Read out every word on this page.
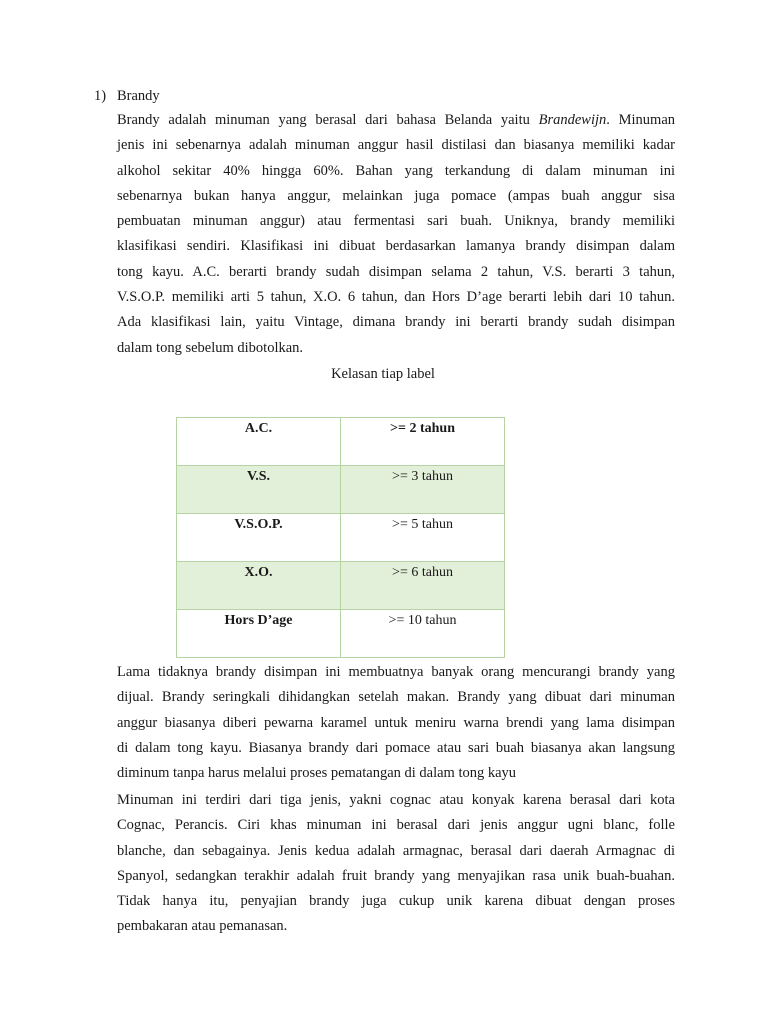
1) Brandy
Brandy adalah minuman yang berasal dari bahasa Belanda yaitu Brandewijn. Minuman
jenis ini sebenarnya adalah minuman anggur hasil distilasi dan biasanya memiliki kadar
alkohol sekitar 40% hingga 60%. Bahan yang terkandung di dalam minuman ini
sebenarnya bukan hanya anggur, melainkan juga pomace (ampas buah anggur sisa
pembuatan minuman anggur) atau fermentasi sari buah. Uniknya, brandy memiliki
klasifikasi sendiri. Klasifikasi ini dibuat berdasarkan lamanya brandy disimpan dalam
tong kayu. A.C. berarti brandy sudah disimpan selama 2 tahun, V.S. berarti 3 tahun,
V.S.O.P. memiliki arti 5 tahun, X.O. 6 tahun, dan Hors D’age berarti lebih dari 10 tahun.
Ada klasifikasi lain, yaitu Vintage, dimana brandy ini berarti brandy sudah disimpan
dalam tong sebelum dibotolkan.
Kelasan tiap label
A.C.	>= 2 tahun
V.S.	>= 3 tahun
V.S.O.P.	>= 5 tahun
X.O.	>= 6 tahun
Hors D’age	>= 10 tahun
Lama tidaknya brandy disimpan ini membuatnya banyak orang mencurangi brandy yang
dijual. Brandy seringkali dihidangkan setelah makan. Brandy yang dibuat dari minuman
anggur biasanya diberi pewarna karamel untuk meniru warna brendi yang lama disimpan
di dalam tong kayu. Biasanya brandy dari pomace atau sari buah biasanya akan langsung
diminum tanpa harus melalui proses pematangan di dalam tong kayu
Minuman ini terdiri dari tiga jenis, yakni cognac atau konyak karena berasal dari kota
Cognac, Perancis. Ciri khas minuman ini berasal dari jenis anggur ugni blanc, folle
blanche, dan sebagainya. Jenis kedua adalah armagnac, berasal dari daerah Armagnac di
Spanyol, sedangkan terakhir adalah fruit brandy yang menyajikan rasa unik buah-buahan.
Tidak hanya itu, penyajian brandy juga cukup unik karena dibuat dengan proses
pembakaran atau pemanasan.
